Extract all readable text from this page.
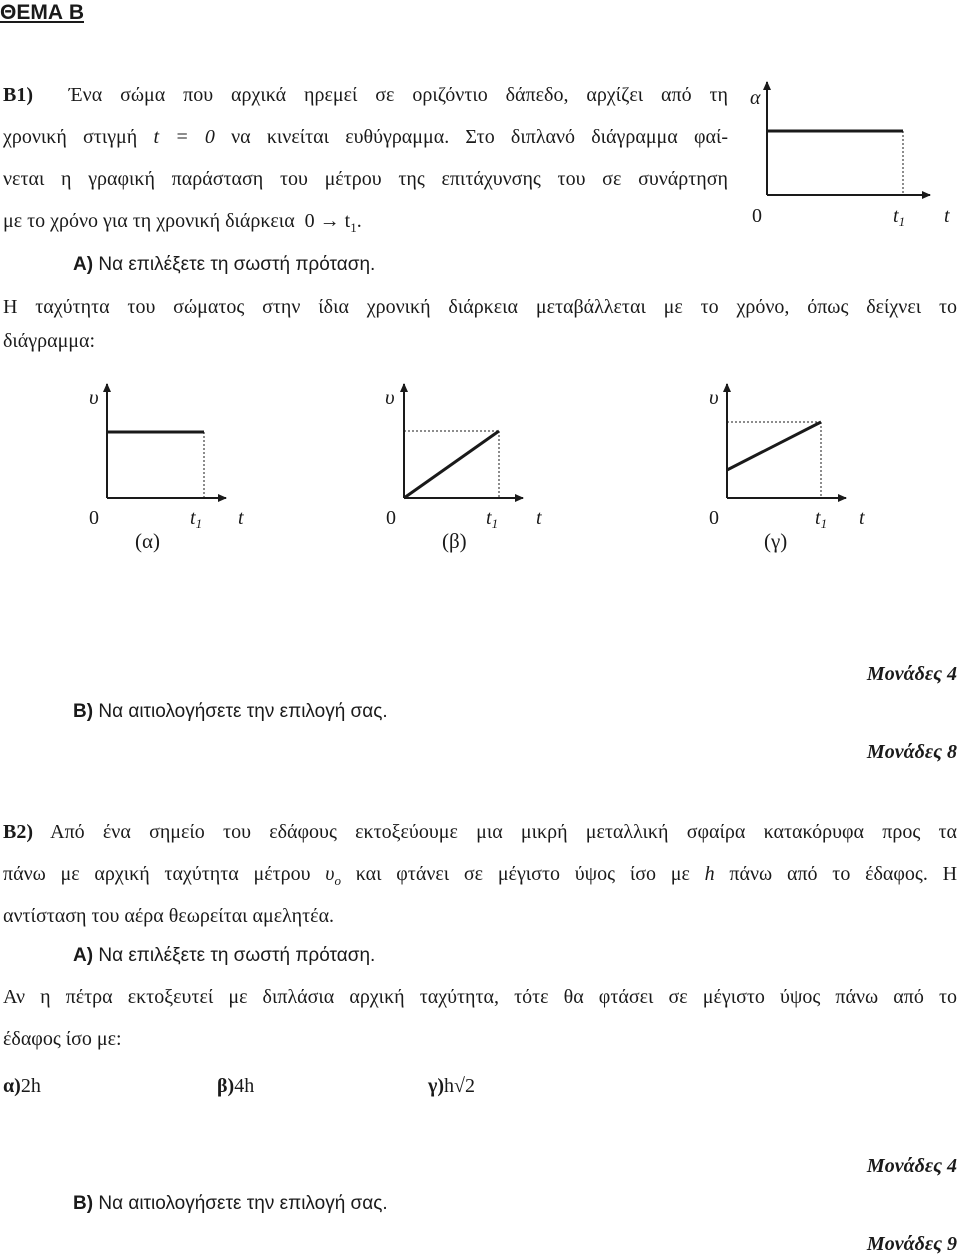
ΘΕΜΑ Β
Β1) Ένα σώμα που αρχικά ηρεμεί σε οριζόντιο δάπεδο, αρχίζει από τη
χρονική στιγμή t = 0 να κινείται ευθύγραμμα. Στο διπλανό διάγραμμα φαί-
νεται η γραφική παράσταση του μέτρου της επιτάχυνσης του σε συνάρτηση
με το χρόνο για τη χρονική διάρκεια $0 \to t_1$.
Α) Να επιλέξετε τη σωστή πρόταση.
Η ταχύτητα του σώματος στην ίδια χρονική διάρκεια μεταβάλλεται με το χρόνο, όπως δείχνει το
διάγραμμα:
α
0	$t_1$ t
υ
0	$t_1$ t
(α)
υ
0	$t_1$ t
(β)
υ
0	$t_1$ t
(γ)
Μονάδες 4
Β) Να αιτιολογήσετε την επιλογή σας.
Μονάδες 8
Β2) Από ένα σημείο του εδάφους εκτοξεύουμε μια μικρή μεταλλική σφαίρα κατακόρυφα προς τα
πάνω με αρχική ταχύτητα μέτρου $\upsilon_o$ και φτάνει σε μέγιστο ύψος ίσο με h πάνω από το έδαφος. Η
αντίσταση του αέρα θεωρείται αμελητέα.
Α) Να επιλέξετε τη σωστή πρόταση.
Αν η πέτρα εκτοξευτεί με διπλάσια αρχική ταχύτητα, τότε θα φτάσει σε μέγιστο ύψος πάνω από το
έδαφος ίσο με:
α) 2h	β) 4h	γ) h√2
Μονάδες 4
Β) Να αιτιολογήσετε την επιλογή σας.
Μονάδες 9
